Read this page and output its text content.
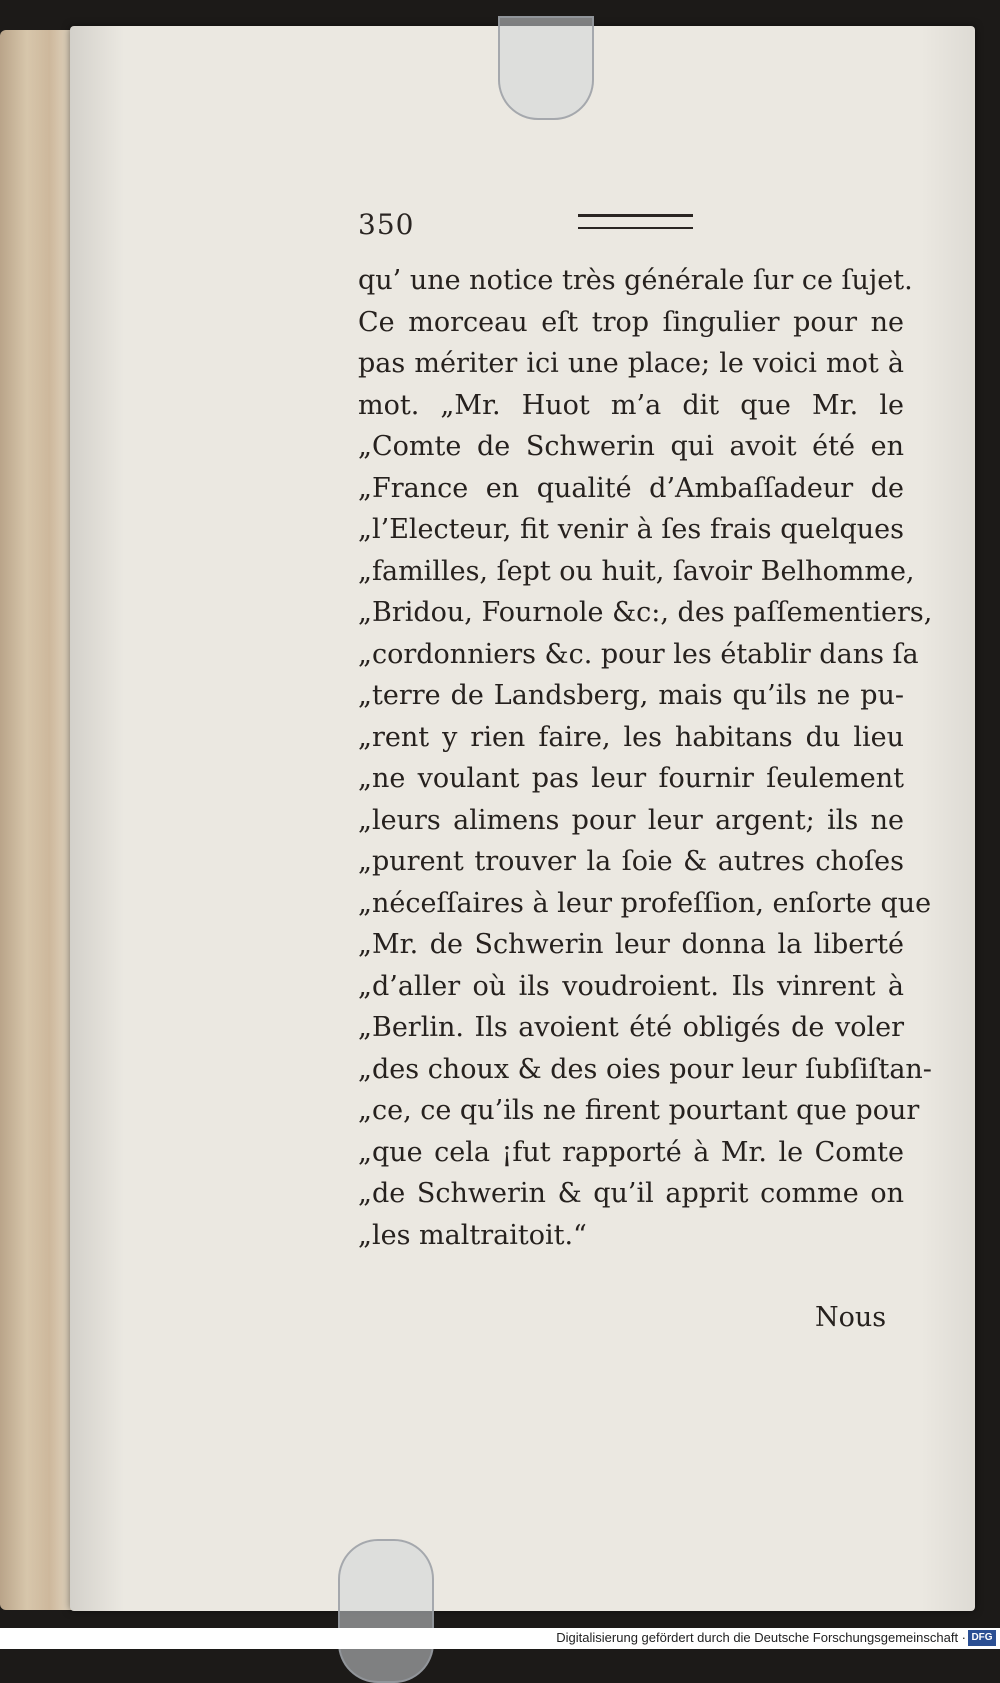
350
qu’ une notice très générale ſur ce ſujet.
Ce morceau eſt trop ſingulier pour ne
pas mériter ici une place; le voici mot à
mot. „Mr. Huot m’a dit que Mr. le
„Comte de Schwerin qui avoit été en
„France en qualité d’Ambaſſadeur de
„l’Electeur, fit venir à ſes frais quelques
„familles, ſept ou huit, ſavoir Belhomme,
„Bridou, Fournole &c:, des paſſementiers,
„cordonniers &c. pour les établir dans ſa
„terre de Landsberg, mais qu’ils ne pu-
„rent y rien faire, les habitans du lieu
„ne voulant pas leur fournir ſeulement
„leurs alimens pour leur argent; ils ne
„purent trouver la ſoie & autres choſes
„néceſſaires à leur profeſſion, enſorte que
„Mr. de Schwerin leur donna la liberté
„d’aller où ils voudroient. Ils vinrent à
„Berlin. Ils avoient été obligés de voler
„des choux & des oies pour leur ſubſiſtan-
„ce, ce qu’ils ne firent pourtant que pour
„que cela ¡fut rapporté à Mr. le Comte
„de Schwerin & qu’il apprit comme on
„les maltraitoit.“
Nous
Digitalisierung gefördert durch die Deutsche Forschungsgemeinschaft · DFG
